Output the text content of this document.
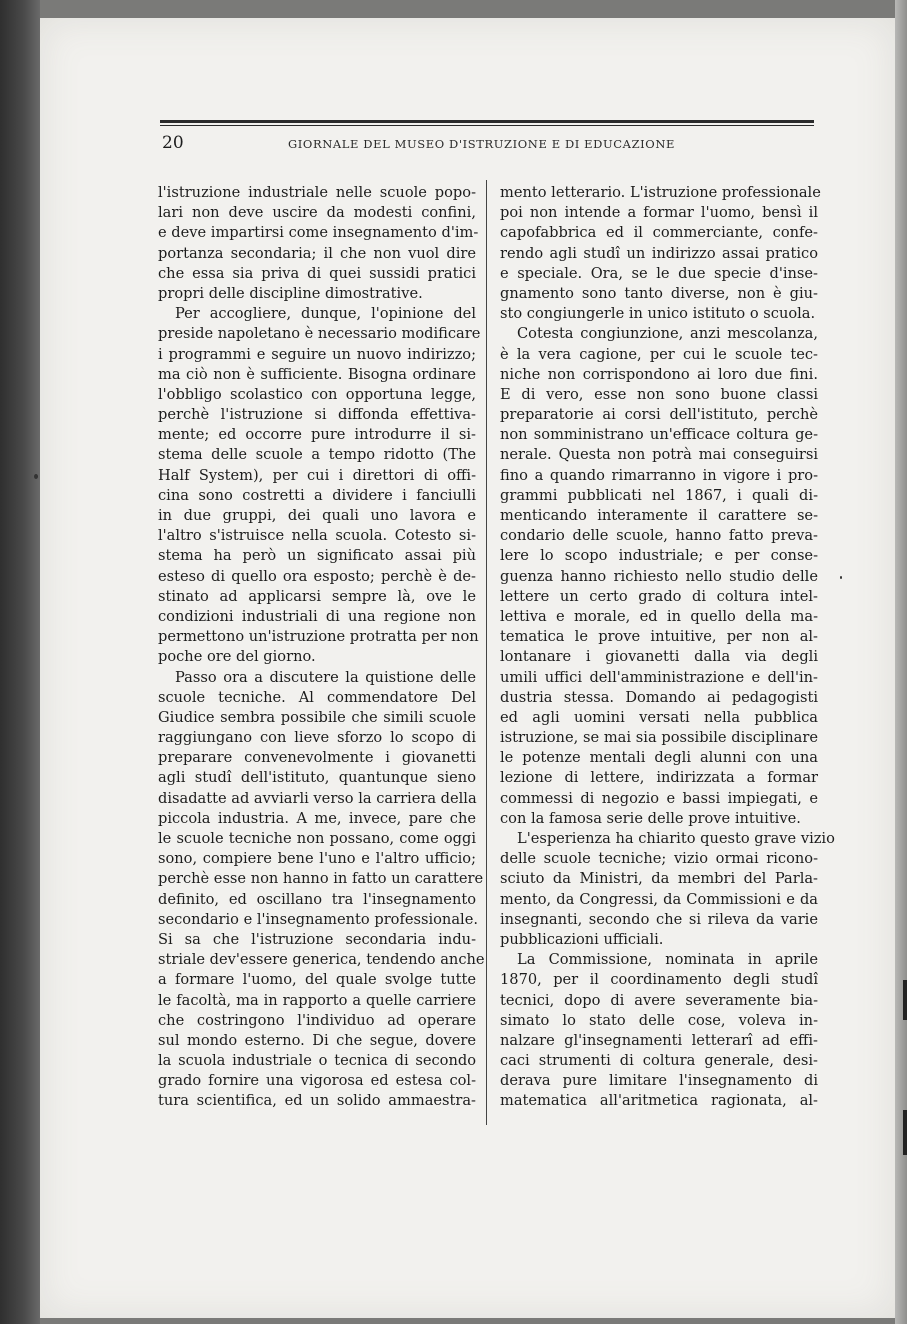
20	GIORNALE DEL MUSEO D'ISTRUZIONE E DI EDUCAZIONE
l'istruzione industriale nelle scuole popo-
lari non deve uscire da modesti confini,
e deve impartirsi come insegnamento d'im-
portanza secondaria; il che non vuol dire
che essa sia priva di quei sussidi pratici
propri delle discipline dimostrative.
Per accogliere, dunque, l'opinione del
preside napoletano è necessario modificare
i programmi e seguire un nuovo indirizzo;
ma ciò non è sufficiente. Bisogna ordinare
l'obbligo scolastico con opportuna legge,
perchè l'istruzione si diffonda effettiva-
mente; ed occorre pure introdurre il si-
stema delle scuole a tempo ridotto (The
Half System), per cui i direttori di offi-
cina sono costretti a dividere i fanciulli
in due gruppi, dei quali uno lavora e
l'altro s'istruisce nella scuola. Cotesto si-
stema ha però un significato assai più
esteso di quello ora esposto; perchè è de-
stinato ad applicarsi sempre là, ove le
condizioni industriali di una regione non
permettono un'istruzione protratta per non
poche ore del giorno.
Passo ora a discutere la quistione delle
scuole tecniche. Al commendatore Del
Giudice sembra possibile che simili scuole
raggiungano con lieve sforzo lo scopo di
preparare convenevolmente i giovanetti
agli studî dell'istituto, quantunque sieno
disadatte ad avviarli verso la carriera della
piccola industria. A me, invece, pare che
le scuole tecniche non possano, come oggi
sono, compiere bene l'uno e l'altro ufficio;
perchè esse non hanno in fatto un carattere
definito, ed oscillano tra l'insegnamento
secondario e l'insegnamento professionale.
Si sa che l'istruzione secondaria indu-
striale dev'essere generica, tendendo anche
a formare l'uomo, del quale svolge tutte
le facoltà, ma in rapporto a quelle carriere
che costringono l'individuo ad operare
sul mondo esterno. Di che segue, dovere
la scuola industriale o tecnica di secondo
grado fornire una vigorosa ed estesa col-
tura scientifica, ed un solido ammaestra-
mento letterario. L'istruzione professionale
poi non intende a formar l'uomo, bensì il
capofabbrica ed il commerciante, confe-
rendo agli studî un indirizzo assai pratico
e speciale. Ora, se le due specie d'inse-
gnamento sono tanto diverse, non è giu-
sto congiungerle in unico istituto o scuola.
Cotesta congiunzione, anzi mescolanza,
è la vera cagione, per cui le scuole tec-
niche non corrispondono ai loro due fini.
E di vero, esse non sono buone classi
preparatorie ai corsi dell'istituto, perchè
non somministrano un'efficace coltura ge-
nerale. Questa non potrà mai conseguirsi
fino a quando rimarranno in vigore i pro-
grammi pubblicati nel 1867, i quali di-
menticando interamente il carattere se-
condario delle scuole, hanno fatto preva-
lere lo scopo industriale; e per conse-
guenza hanno richiesto nello studio delle
lettere un certo grado di coltura intel-
lettiva e morale, ed in quello della ma-
tematica le prove intuitive, per non al-
lontanare i giovanetti dalla via degli
umili uffici dell'amministrazione e dell'in-
dustria stessa. Domando ai pedagogisti
ed agli uomini versati nella pubblica
istruzione, se mai sia possibile disciplinare
le potenze mentali degli alunni con una
lezione di lettere, indirizzata a formar
commessi di negozio e bassi impiegati, e
con la famosa serie delle prove intuitive.
L'esperienza ha chiarito questo grave vizio
delle scuole tecniche; vizio ormai ricono-
sciuto da Ministri, da membri del Parla-
mento, da Congressi, da Commissioni e da
insegnanti, secondo che si rileva da varie
pubblicazioni ufficiali.
La Commissione, nominata in aprile
1870, per il coordinamento degli studî
tecnici, dopo di avere severamente bia-
simato lo stato delle cose, voleva in-
nalzare gl'insegnamenti letterarî ad effi-
caci strumenti di coltura generale, desi-
derava pure limitare l'insegnamento di
matematica all'aritmetica ragionata, al-
